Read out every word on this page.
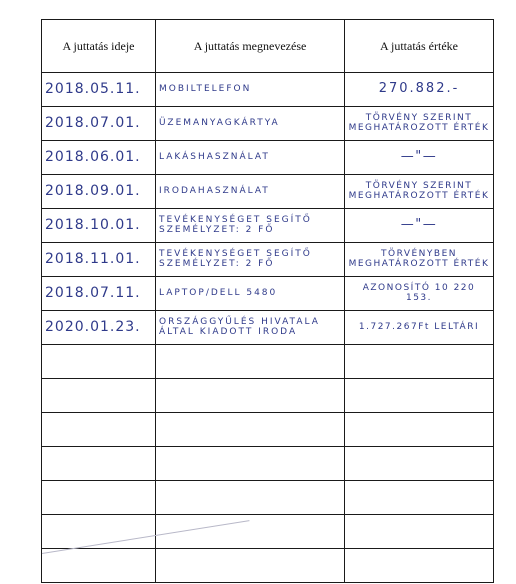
A juttatás ideje	A juttatás megnevezése	A juttatás értéke
2018.05.11.	MOBILTELEFON	270.882.-
2018.07.01.	ÜZEMANYAGKÁRTYA	TÖRVÉNY SZERINT MEGHATÁROZOTT ÉRTÉK
2018.06.01.	LAKÁSHASZNÁLAT	—"—
2018.09.01.	IRODAHASZNÁLAT	TÖRVÉNY SZERINT MEGHATÁROZOTT ÉRTÉK
2018.10.01.	TEVÉKENYSÉGET SEGÍTŐ SZEMÉLYZET: 2 FŐ	—"—
2018.11.01.	TEVÉKENYSÉGET SEGÍTŐ SZEMÉLYZET: 2 FŐ	TÖRVÉNYBEN MEGHATÁROZOTT ÉRTÉK
2018.07.11.	LAPTOP/DELL 5480	AZONOSÍTÓ 10 220 153.
2020.01.23.	ORSZÁGGYŰLÉS HIVATALA ÁLTAL KIADOTT IRODA	1.727.267Ft LELTÁRI
